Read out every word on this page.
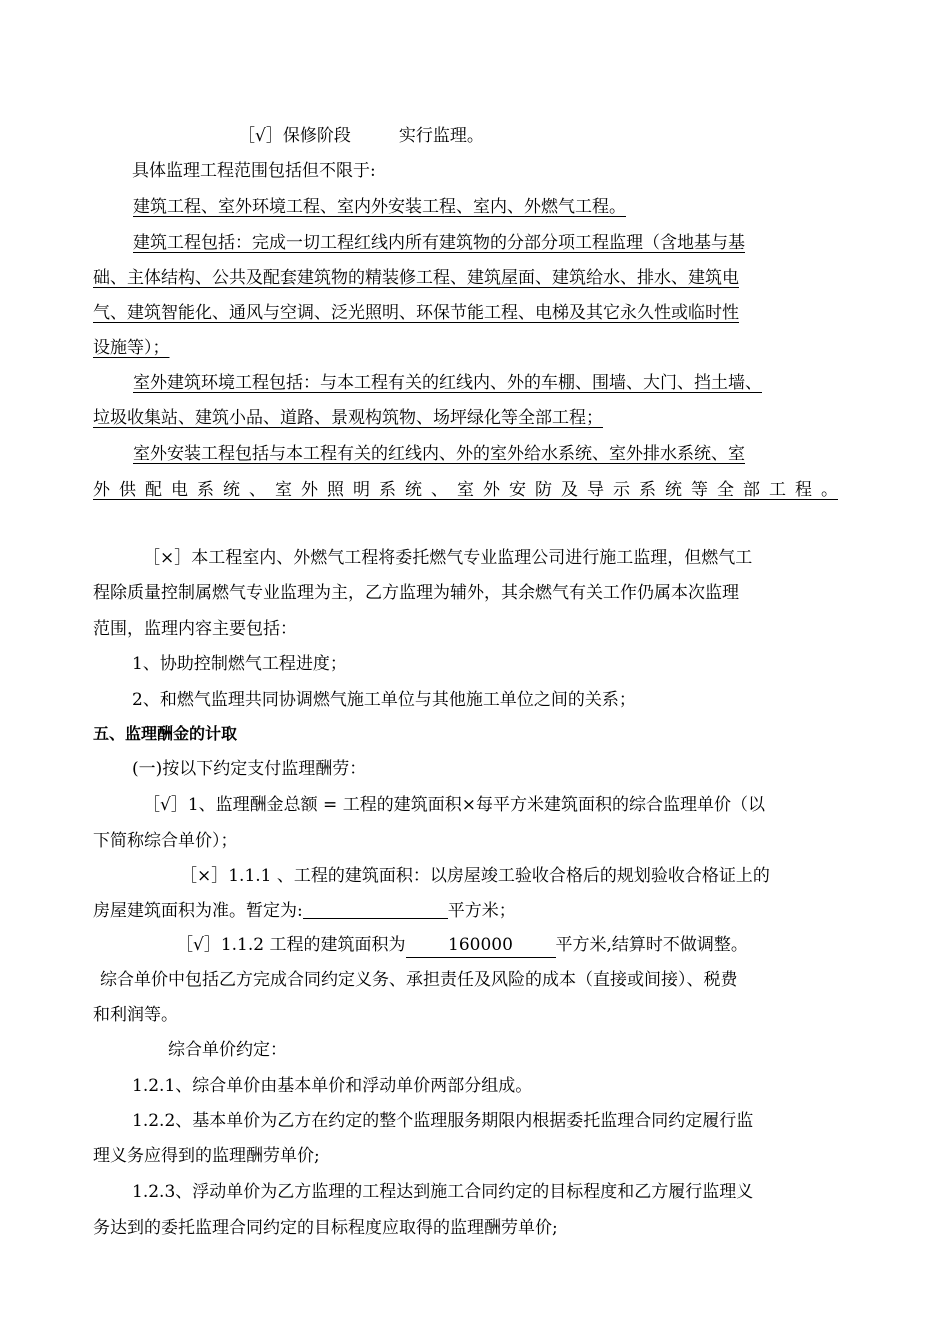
［√］保修阶段	实行监理。
具体监理工程范围包括但不限于:
建筑工程、室外环境工程、室内外安装工程、室内、外燃气工程。
建筑工程包括：完成一切工程红线内所有建筑物的分部分项工程监理（含地基与基
础、主体结构、公共及配套建筑物的精装修工程、建筑屋面、建筑给水、排水、建筑电
气、建筑智能化、通风与空调、泛光照明、环保节能工程、电梯及其它永久性或临时性
设施等）；
室外建筑环境工程包括：与本工程有关的红线内、外的车棚、围墙、大门、挡土墙、
垃圾收集站、建筑小品、道路、景观构筑物、场坪绿化等全部工程；
室外安装工程包括与本工程有关的红线内、外的室外给水系统、室外排水系统、室
外供配电系统、室外照明系统、室外安防及导示系统等全部工程。
［×］本工程室内、外燃气工程将委托燃气专业监理公司进行施工监理，但燃气工
程除质量控制属燃气专业监理为主，乙方监理为辅外，其余燃气有关工作仍属本次监理
范围，监理内容主要包括：
1、协助控制燃气工程进度；
2、和燃气监理共同协调燃气施工单位与其他施工单位之间的关系；
五、监理酬金的计取
(一)按以下约定支付监理酬劳：
［√］1、监理酬金总额 = 工程的建筑面积×每平方米建筑面积的综合监理单价（以
下简称综合单价）；
［×］1.1.1 、工程的建筑面积：以房屋竣工验收合格后的规划验收合格证上的
房屋建筑面积为准。暂定为:	平方米；
［√］1.1.2 工程的建筑面积为	160000	平方米,结算时不做调整。
综合单价中包括乙方完成合同约定义务、承担责任及风险的成本（直接或间接）、税费
和利润等。
综合单价约定：
1.2.1、综合单价由基本单价和浮动单价两部分组成。
1.2.2、基本单价为乙方在约定的整个监理服务期限内根据委托监理合同约定履行监
理义务应得到的监理酬劳单价;
1.2.3、浮动单价为乙方监理的工程达到施工合同约定的目标程度和乙方履行监理义
务达到的委托监理合同约定的目标程度应取得的监理酬劳单价;
